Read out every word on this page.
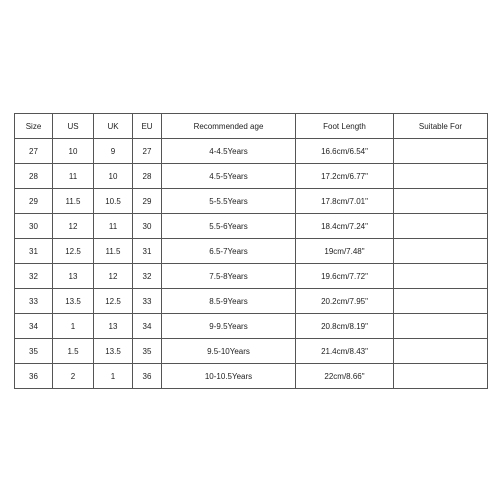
Size	US	UK	EU	Recommended age	Foot Length	Suitable For
27	10	9	27	4-4.5Years	16.6cm/6.54"	
28	11	10	28	4.5-5Years	17.2cm/6.77"	
29	11.5	10.5	29	5-5.5Years	17.8cm/7.01"	
30	12	11	30	5.5-6Years	18.4cm/7.24"	
31	12.5	11.5	31	6.5-7Years	19cm/7.48"	
32	13	12	32	7.5-8Years	19.6cm/7.72"	
33	13.5	12.5	33	8.5-9Years	20.2cm/7.95"	
34	1	13	34	9-9.5Years	20.8cm/8.19"	
35	1.5	13.5	35	9.5-10Years	21.4cm/8.43"	
36	2	1	36	10-10.5Years	22cm/8.66"	
